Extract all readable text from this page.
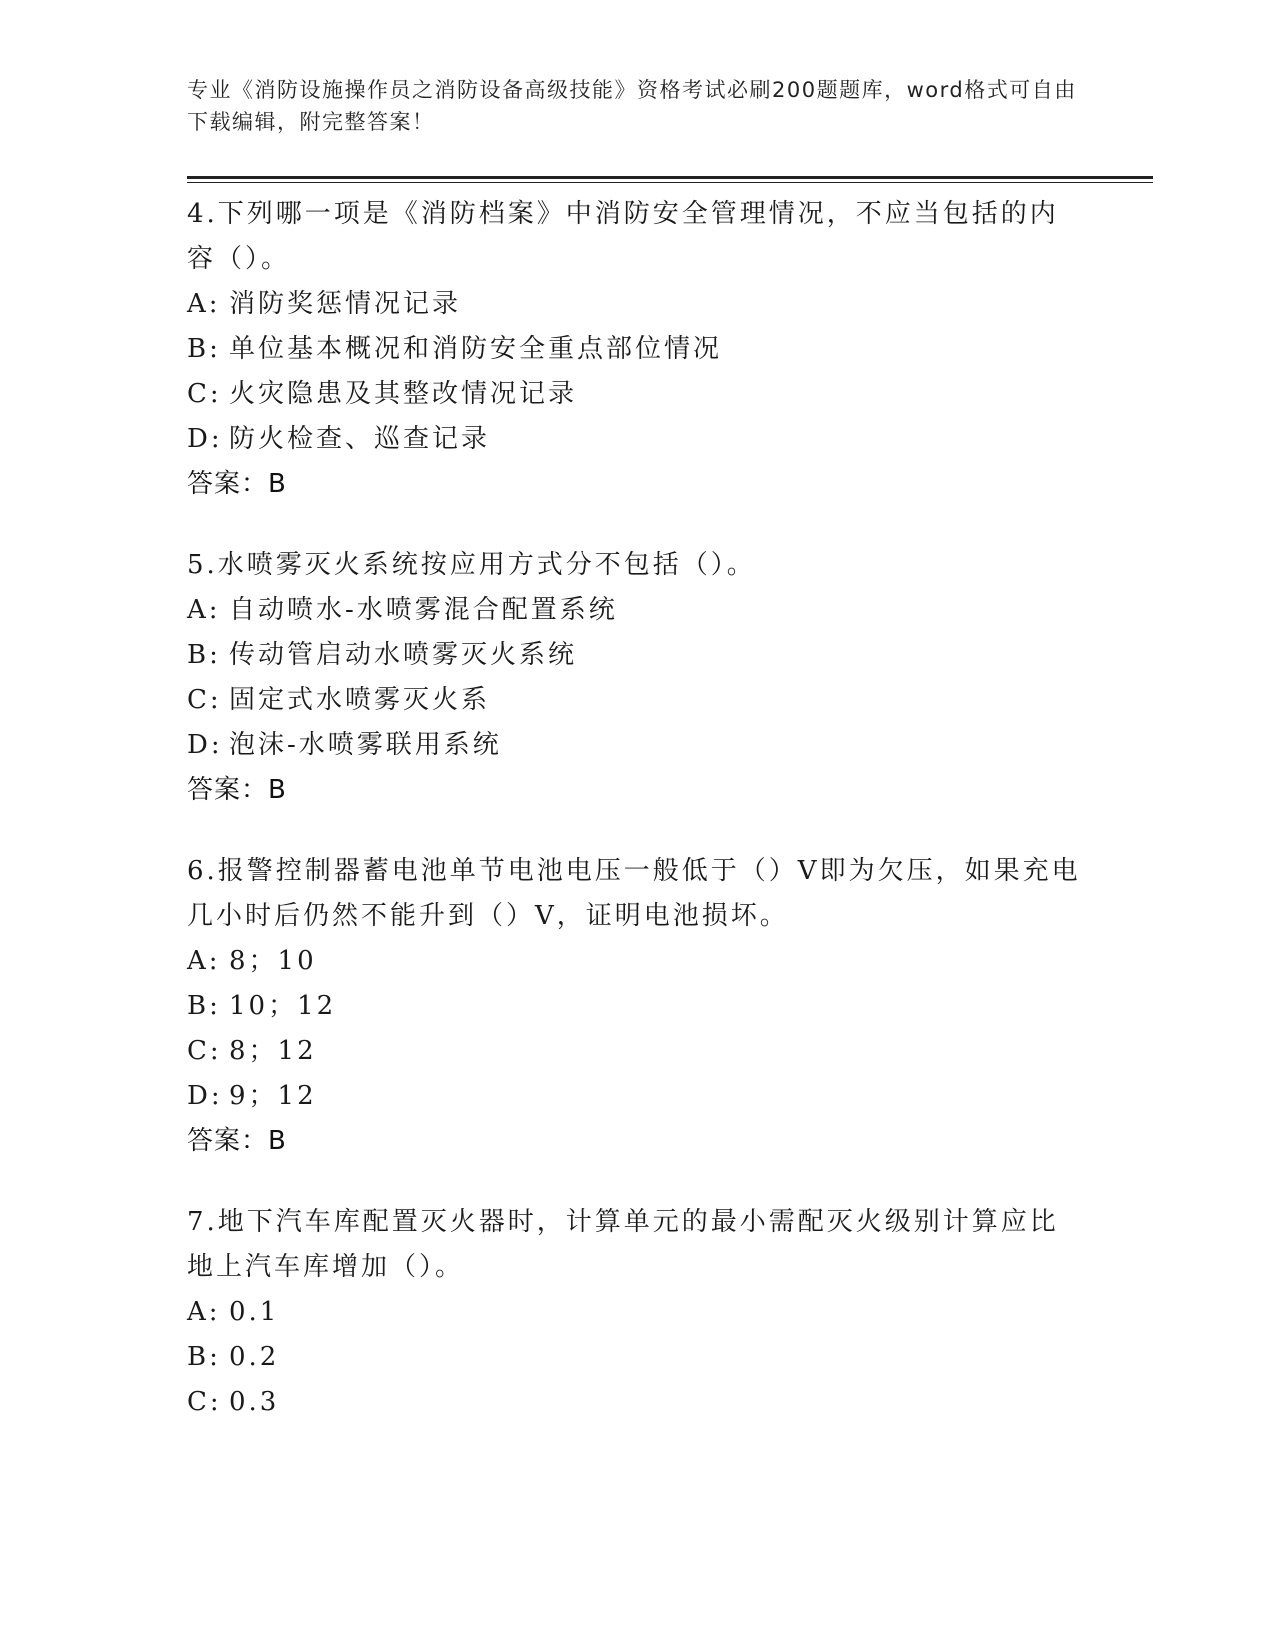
专业《消防设施操作员之消防设备高级技能》资格考试必刷200题题库，word格式可自由下载编辑，附完整答案！
4.下列哪一项是《消防档案》中消防安全管理情况，不应当包括的内容（）。
A: 消防奖惩情况记录
B: 单位基本概况和消防安全重点部位情况
C: 火灾隐患及其整改情况记录
D: 防火检查、巡查记录
答案：B
5.水喷雾灭火系统按应用方式分不包括（）。
A: 自动喷水-水喷雾混合配置系统
B: 传动管启动水喷雾灭火系统
C: 固定式水喷雾灭火系
D: 泡沫-水喷雾联用系统
答案：B
6.报警控制器蓄电池单节电池电压一般低于（）V即为欠压，如果充电几小时后仍然不能升到（）V，证明电池损坏。
A: 8；10
B: 10；12
C: 8；12
D: 9；12
答案：B
7.地下汽车库配置灭火器时，计算单元的最小需配灭火级别计算应比地上汽车库增加（）。
A: 0.1
B: 0.2
C: 0.3
